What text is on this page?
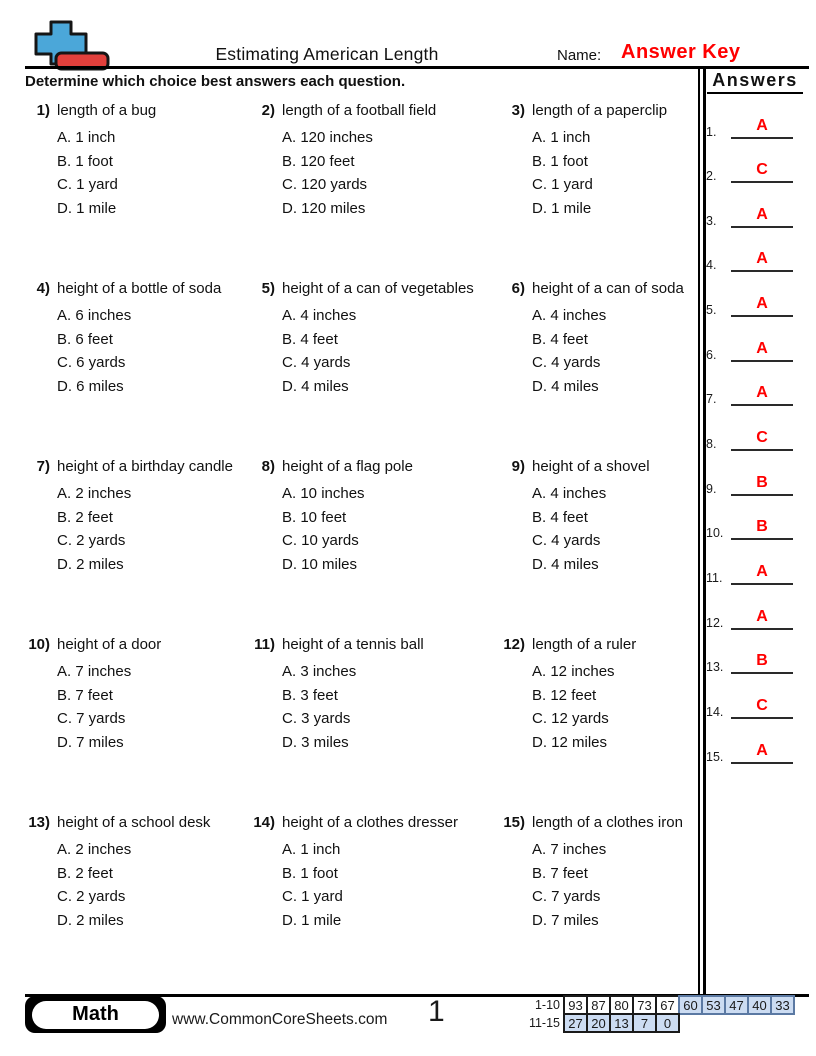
Estimating American Length	Name: Answer Key
Determine which choice best answers each question.	Answers
1.	A
2.	C
3.	A
4.	A
5.	A
6.	A
7.	A
8.	C
9.	B
10.	B
11.	A
12.	A
13.	B
14.	C
15.	A
1) length of a bug
A. 1 inch
B. 1 foot
C. 1 yard
D. 1 mile
2) length of a football field
A. 120 inches
B. 120 feet
C. 120 yards
D. 120 miles
3) length of a paperclip
A. 1 inch
B. 1 foot
C. 1 yard
D. 1 mile
4) height of a bottle of soda
A. 6 inches
B. 6 feet
C. 6 yards
D. 6 miles
5) height of a can of vegetables
A. 4 inches
B. 4 feet
C. 4 yards
D. 4 miles
6) height of a can of soda
A. 4 inches
B. 4 feet
C. 4 yards
D. 4 miles
7) height of a birthday candle
A. 2 inches
B. 2 feet
C. 2 yards
D. 2 miles
8) height of a flag pole
A. 10 inches
B. 10 feet
C. 10 yards
D. 10 miles
9) height of a shovel
A. 4 inches
B. 4 feet
C. 4 yards
D. 4 miles
10) height of a door
A. 7 inches
B. 7 feet
C. 7 yards
D. 7 miles
11) height of a tennis ball
A. 3 inches
B. 3 feet
C. 3 yards
D. 3 miles
12) length of a ruler
A. 12 inches
B. 12 feet
C. 12 yards
D. 12 miles
13) height of a school desk
A. 2 inches
B. 2 feet
C. 2 yards
D. 2 miles
14) height of a clothes dresser
A. 1 inch
B. 1 foot
C. 1 yard
D. 1 mile
15) length of a clothes iron
A. 7 inches
B. 7 feet
C. 7 yards
D. 7 miles
Math	www.CommonCoreSheets.com 1	1-10 93 87 80 73 67 60 53 47 40 33
11-15 27 20 13 7	0
